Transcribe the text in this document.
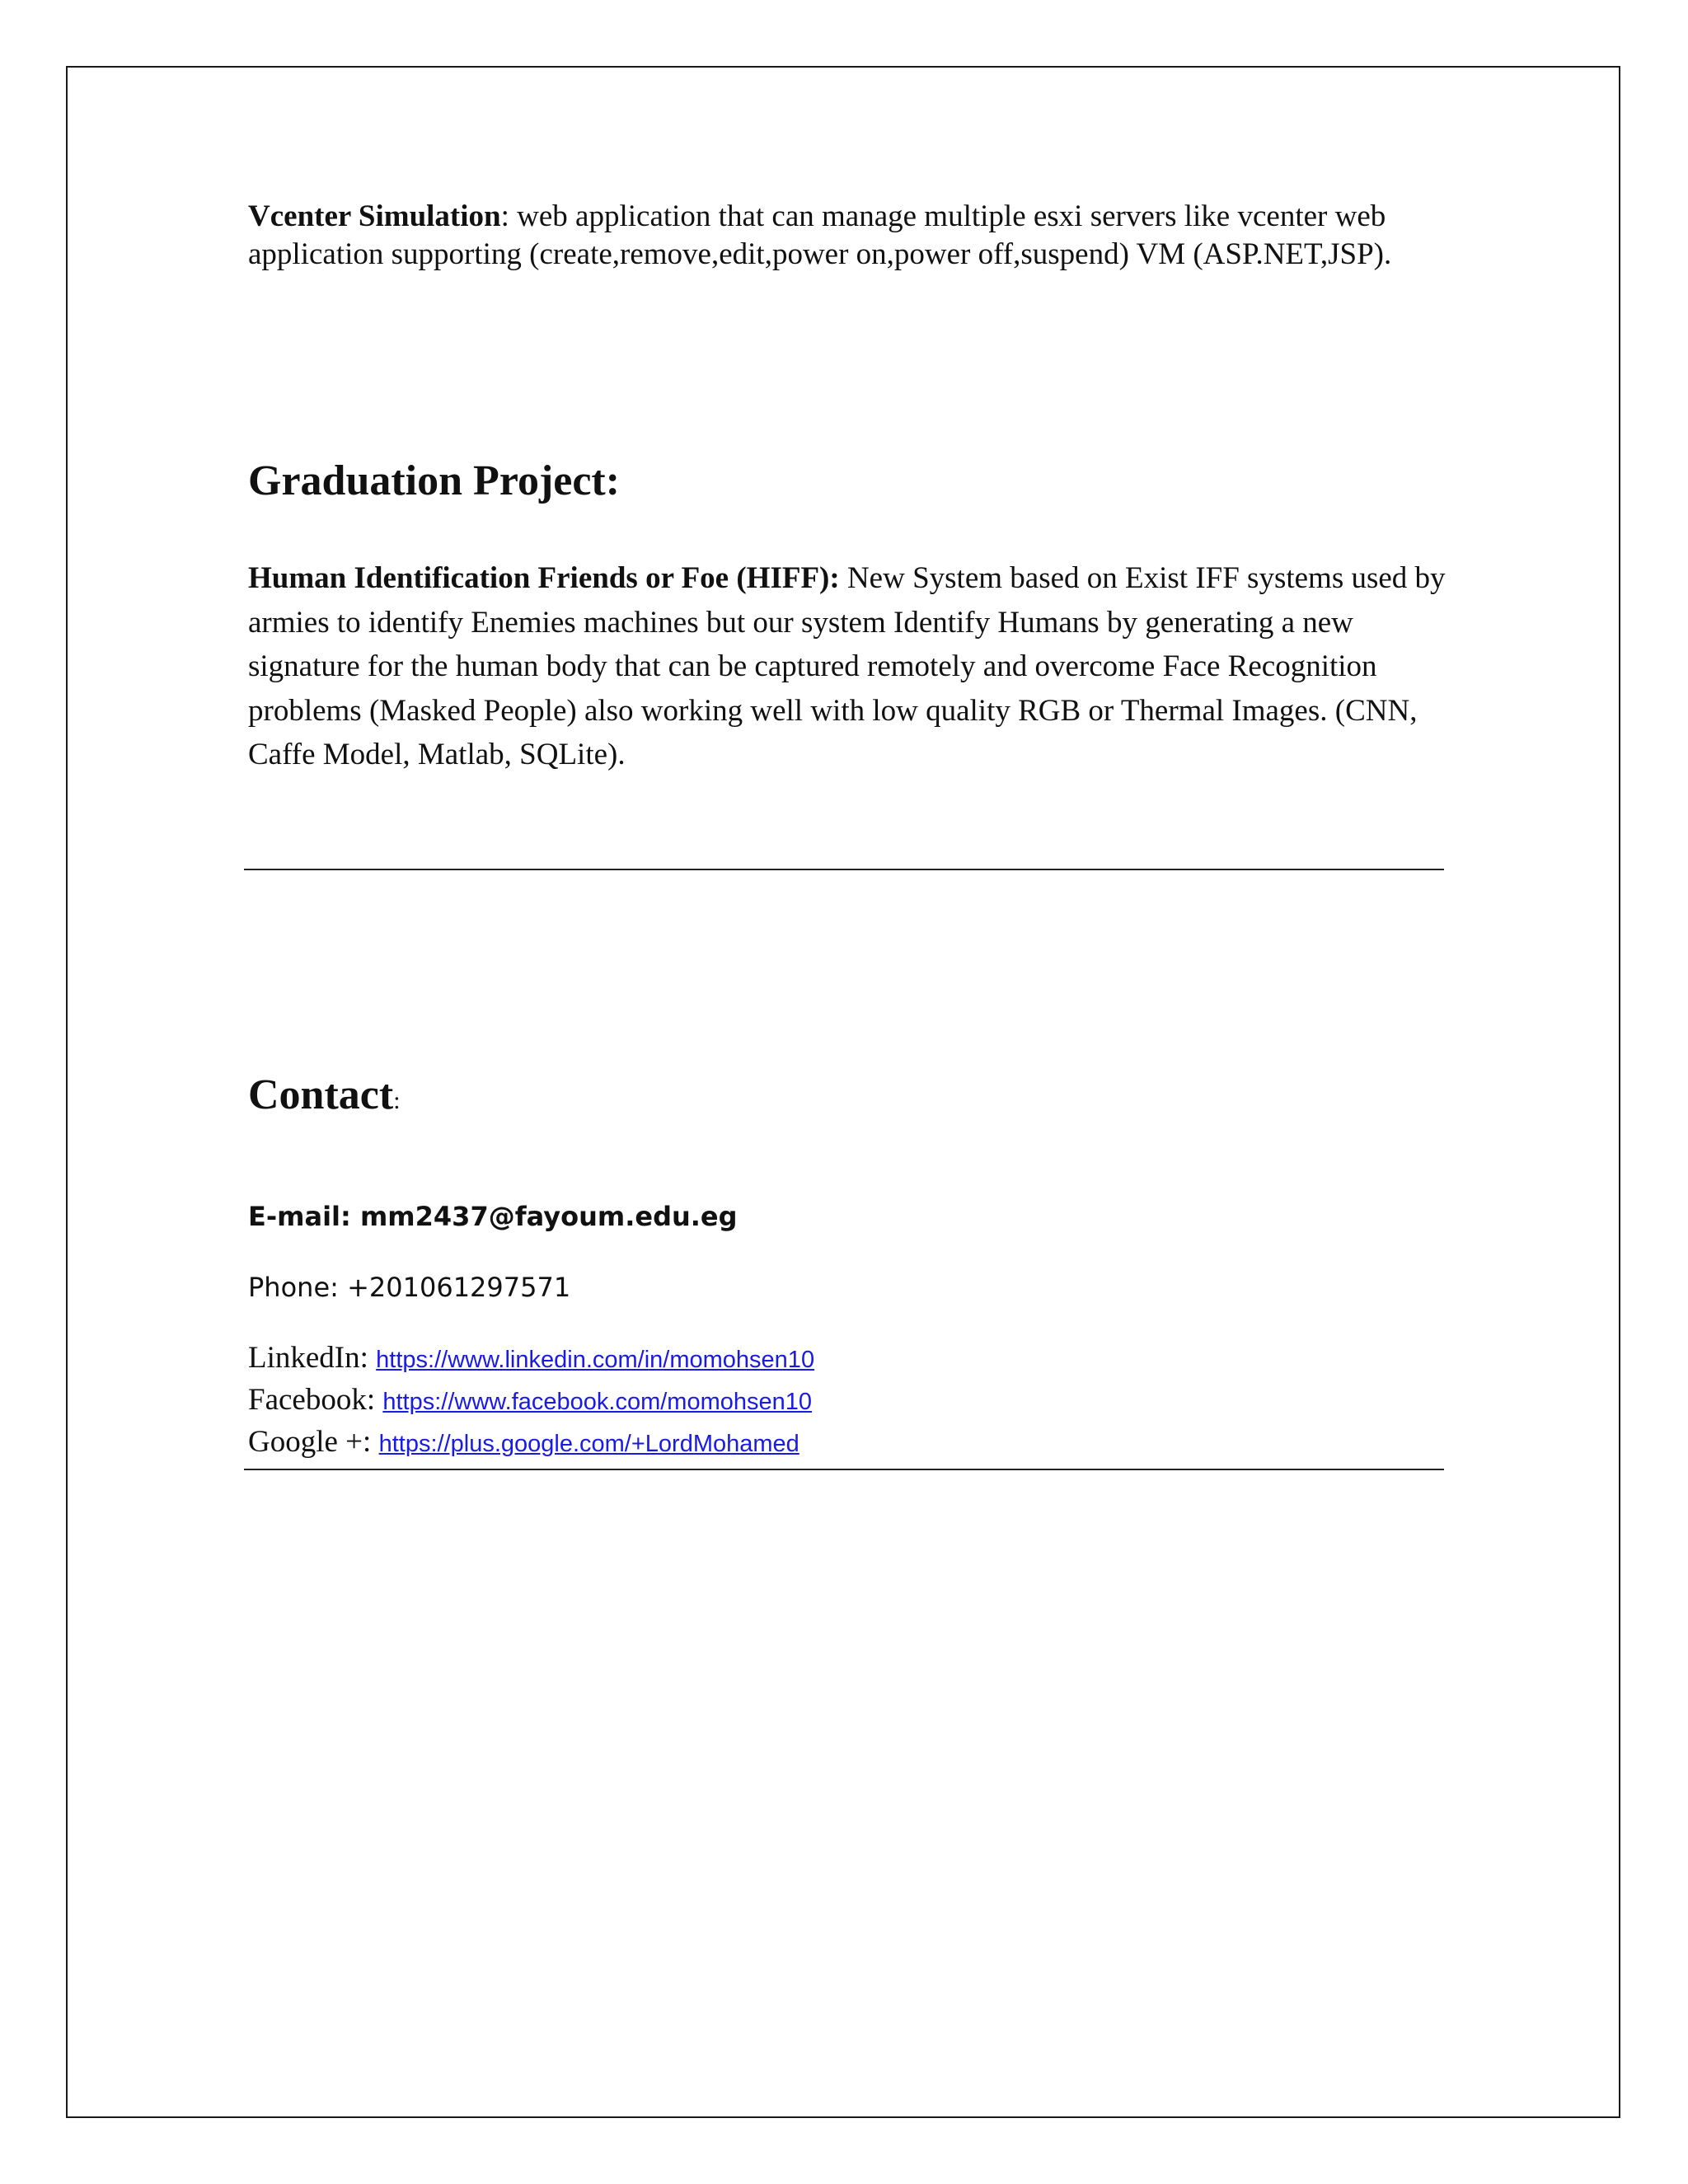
Vcenter Simulation: web application that can manage multiple esxi servers like vcenter web application supporting (create,remove,edit,power on,power off,suspend) VM (ASP.NET,JSP).
Graduation Project:
Human Identification Friends or Foe (HIFF): New System based on Exist IFF systems used by armies to identify Enemies machines but our system Identify Humans by generating a new signature for the human body that can be captured remotely and overcome Face Recognition problems (Masked People) also working well with low quality RGB or Thermal Images. (CNN, Caffe Model, Matlab, SQLite).
Contact:
E-mail: mm2437@fayoum.edu.eg
Phone: +201061297571
LinkedIn: https://www.linkedin.com/in/momohsen10
Facebook: https://www.facebook.com/momohsen10
Google +: https://plus.google.com/+LordMohamed
